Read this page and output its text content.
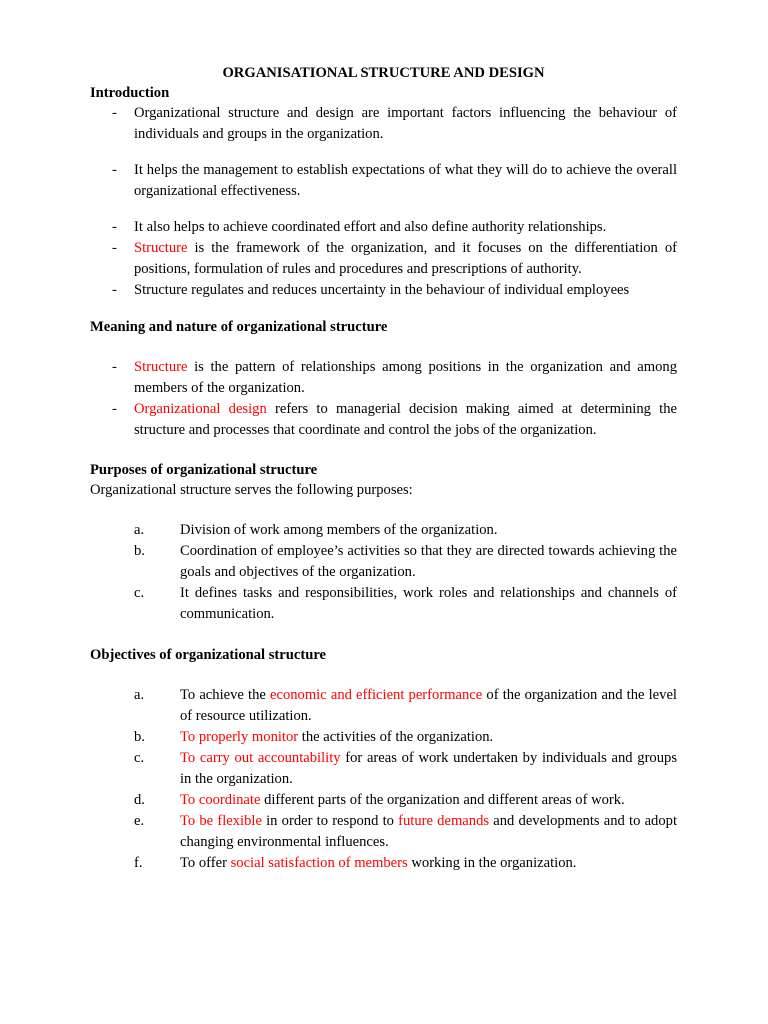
ORGANISATIONAL STRUCTURE AND DESIGN
Introduction
-	Organizational structure and design are important factors influencing the behaviour of individuals and groups in the organization.
-	It helps the management to establish expectations of what they will do to achieve the overall organizational effectiveness.
-	It also helps to achieve coordinated effort and also define authority relationships.
-	Structure is the framework of the organization, and it focuses on the differentiation of positions, formulation of rules and procedures and prescriptions of authority.
-	Structure regulates and reduces uncertainty in the behaviour of individual employees
Meaning and nature of organizational structure
-	Structure is the pattern of relationships among positions in the organization and among members of the organization.
-	Organizational design refers to managerial decision making aimed at determining the structure and processes that coordinate and control the jobs of the organization.
Purposes of organizational structure
Organizational structure serves the following purposes:
a.	Division of work among members of the organization.
b.	Coordination of employee’s activities so that they are directed towards achieving the goals and objectives of the organization.
c.	It defines tasks and responsibilities, work roles and relationships and channels of communication.
Objectives of organizational structure
a.	To achieve the economic and efficient performance of the organization and the level of resource utilization.
b.	To properly monitor the activities of the organization.
c.	To carry out accountability for areas of work undertaken by individuals and groups in the organization.
d.	To coordinate different parts of the organization and different areas of work.
e.	To be flexible in order to respond to future demands and developments and to adopt changing environmental influences.
f.	To offer social satisfaction of members working in the organization.
